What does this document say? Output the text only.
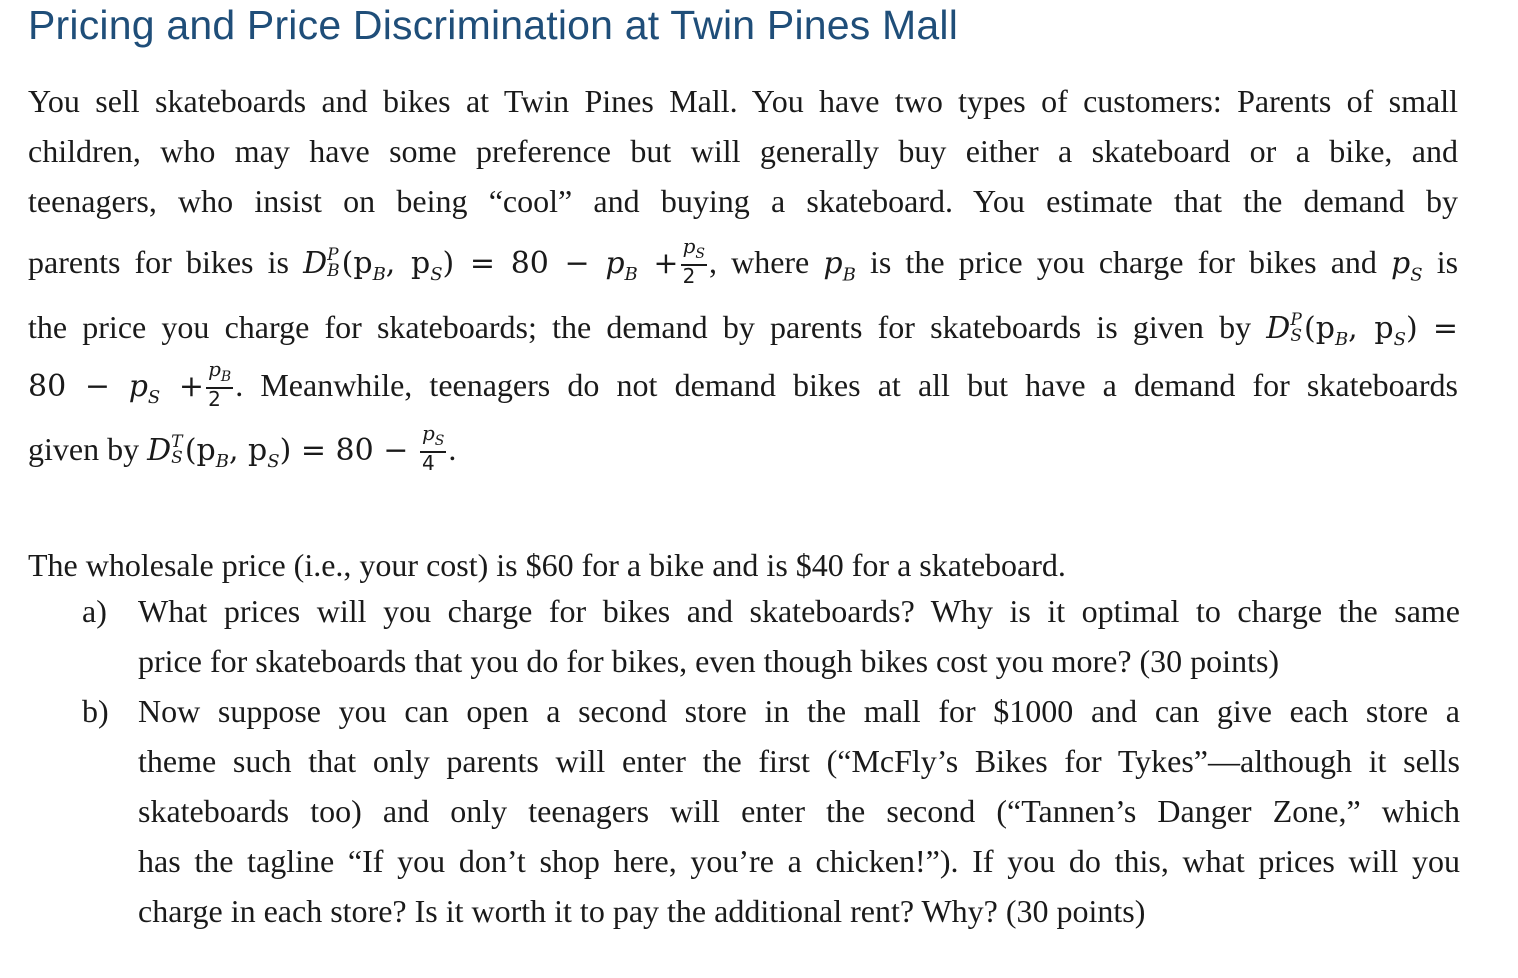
Pricing and Price Discrimination at Twin Pines Mall
You sell skateboards and bikes at Twin Pines Mall. You have two types of customers: Parents of small
children, who may have some preference but will generally buy either a skateboard or a bike, and
teenagers, who insist on being “cool” and buying a skateboard. You estimate that the demand by
parents for bikes is D P
B ($p_B$, $p_S) = 80 - p_B + \frac{p_S}{2}$ , where $p_B$ is the price you charge for bikes and $p_S$ is
the price you charge for skateboards; the demand by parents for skateboards is given by D P
S ($p_B$, $p_S$) =
$80 - p_S + \frac{p_B}{2}$ . Meanwhile, teenagers do not demand bikes at all but have a demand for skateboards
given by D T
S ($p_B$, $p_S) = 80 - \frac{p_S}{4}$ .

The wholesale price (i.e., your cost) is $60 for a bike and is $40 for a skateboard.

a) What prices will you charge for bikes and skateboards? Why is it optimal to charge the same
price for skateboards that you do for bikes, even though bikes cost you more? (30 points)
b) Now suppose you can open a second store in the mall for $1000 and can give each store a
theme such that only parents will enter the first (“McFly’s Bikes for Tykes”—although it sells
skateboards too) and only teenagers will enter the second (“Tannen’s Danger Zone,” which
has the tagline “If you don’t shop here, you’re a chicken!”). If you do this, what prices will you
charge in each store? Is it worth it to pay the additional rent? Why? (30 points)
